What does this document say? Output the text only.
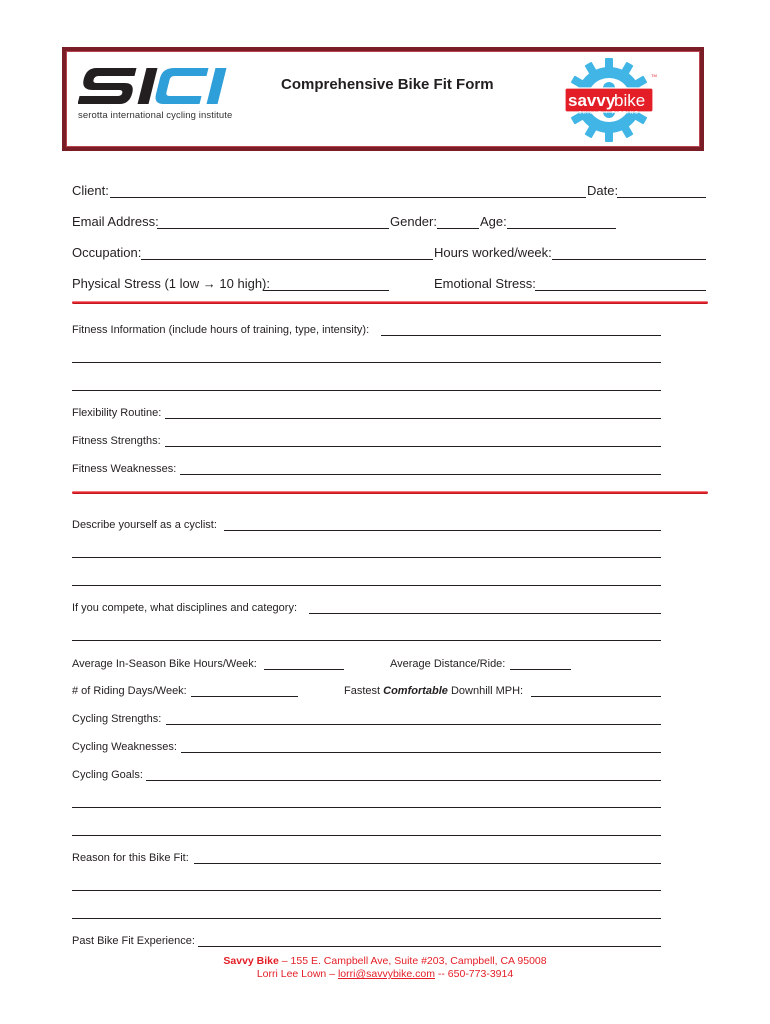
serotta international cycling institute
Comprehensive Bike Fit Form
savvy
bike
SKILLS + FITTING
TM
Client:	Date:
Email Address:	Gender:	Age:
Occupation:	Hours worked/week:
Physical Stress (1 low → 10 high):	Emotional Stress:
Fitness Information (include hours of training, type, intensity):
Flexibility Routine:
Fitness Strengths:
Fitness Weaknesses:
Describe yourself as a cyclist:
If you compete, what disciplines and category:
Average In-Season Bike Hours/Week:	Average Distance/Ride:
# of Riding Days/Week:	Fastest Comfortable Downhill MPH:
Cycling Strengths:
Cycling Weaknesses:
Cycling Goals:
Reason for this Bike Fit:
Past Bike Fit Experience:
Savvy Bike – 155 E. Campbell Ave, Suite #203, Campbell, CA 95008
Lorri Lee Lown – lorri@savvybike.com -- 650-773-3914
